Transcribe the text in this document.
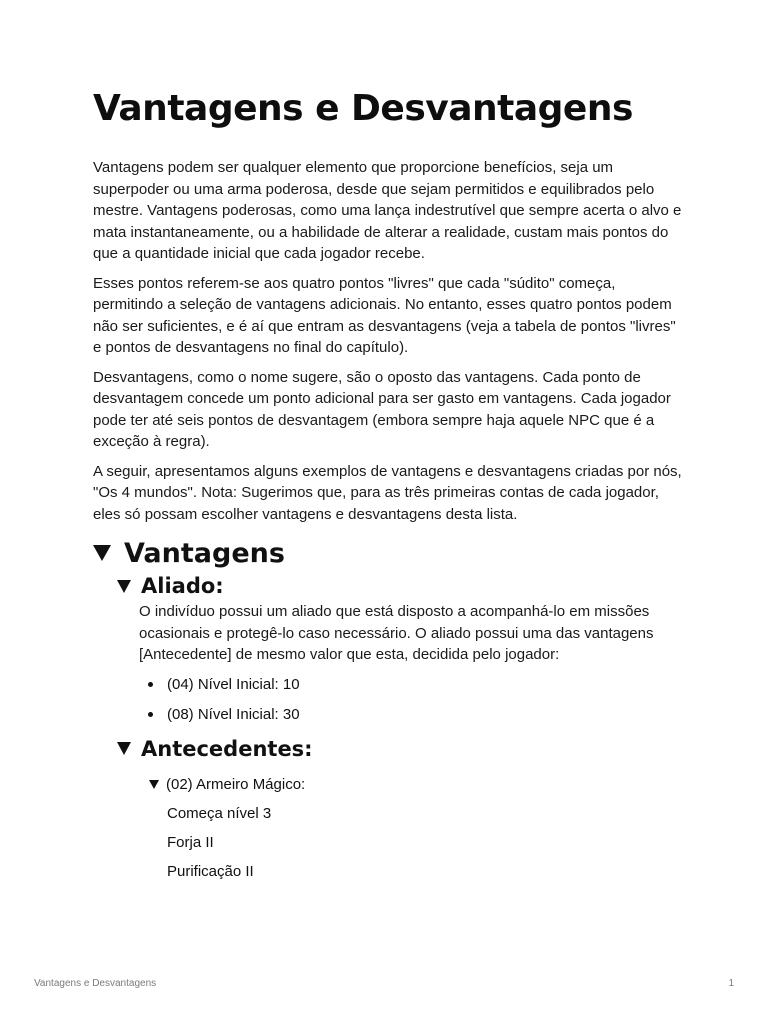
Vantagens e Desvantagens

Vantagens podem ser qualquer elemento que proporcione benefícios, seja um superpoder ou uma arma poderosa, desde que sejam permitidos e equilibrados pelo mestre. Vantagens poderosas, como uma lança indestrutível que sempre acerta o alvo e mata instantaneamente, ou a habilidade de alterar a realidade, custam mais pontos do que a quantidade inicial que cada jogador recebe.

Esses pontos referem-se aos quatro pontos "livres" que cada "súdito" começa, permitindo a seleção de vantagens adicionais. No entanto, esses quatro pontos podem não ser suficientes, e é aí que entram as desvantagens (veja a tabela de pontos "livres" e pontos de desvantagens no final do capítulo).

Desvantagens, como o nome sugere, são o oposto das vantagens. Cada ponto de desvantagem concede um ponto adicional para ser gasto em vantagens. Cada jogador pode ter até seis pontos de desvantagem (embora sempre haja aquele NPC que é a exceção à regra).

A seguir, apresentamos alguns exemplos de vantagens e desvantagens criadas por nós, "Os 4 mundos". Nota: Sugerimos que, para as três primeiras contas de cada jogador, eles só possam escolher vantagens e desvantagens desta lista.

Vantagens
Aliado:

O indivíduo possui um aliado que está disposto a acompanhá-lo em missões ocasionais e protegê-lo caso necessário. O aliado possui uma das vantagens [Antecedente] de mesmo valor que esta, decidida pelo jogador:

(04) Nível Inicial: 10
(08) Nível Inicial: 30
Antecedentes:
(02) Armeiro Mágico:
Começa nível 3
Forja II
Purificação II
Vantagens e Desvantagens	1
